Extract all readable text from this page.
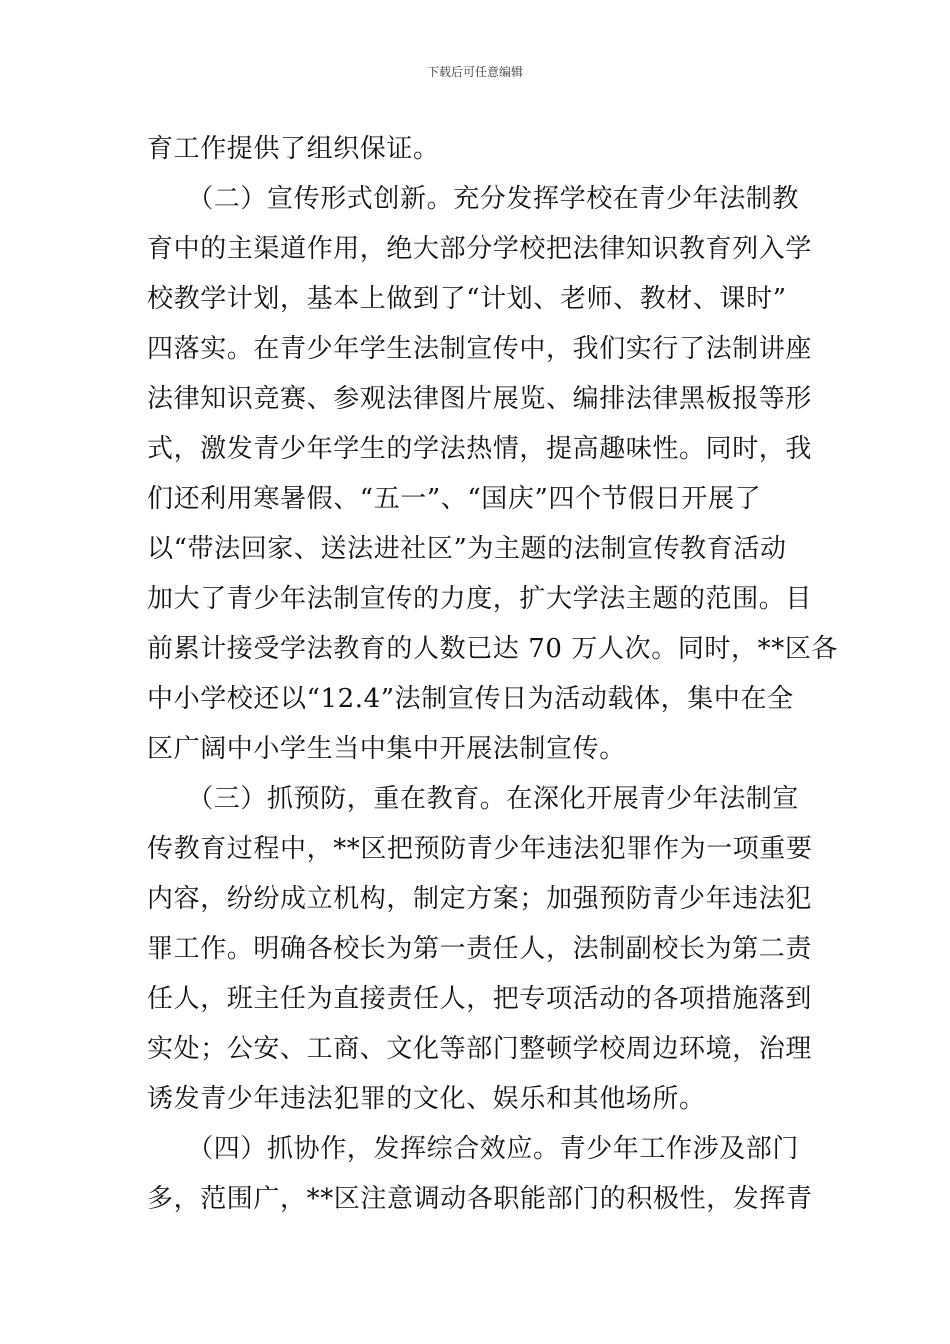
下载后可任意编辑
育工作提供了组织保证。
　　（二）宣传形式创新。充分发挥学校在青少年法制教
育中的主渠道作用，绝大部分学校把法律知识教育列入学
校教学计划，基本上做到了“计划、老师、教材、课时”
四落实。在青少年学生法制宣传中，我们实行了法制讲座
法律知识竞赛、参观法律图片展览、编排法律黑板报等形
式，激发青少年学生的学法热情，提高趣味性。同时，我
们还利用寒暑假、“五一”、“国庆”四个节假日开展了
以“带法回家、送法进社区”为主题的法制宣传教育活动
加大了青少年法制宣传的力度，扩大学法主题的范围。目
前累计接受学法教育的人数已达 70 万人次。同时，**区各
中小学校还以“12.4”法制宣传日为活动载体，集中在全
区广阔中小学生当中集中开展法制宣传。
　　（三）抓预防，重在教育。在深化开展青少年法制宣
传教育过程中，**区把预防青少年违法犯罪作为一项重要
内容，纷纷成立机构，制定方案；加强预防青少年违法犯
罪工作。明确各校长为第一责任人，法制副校长为第二责
任人，班主任为直接责任人，把专项活动的各项措施落到
实处；公安、工商、文化等部门整顿学校周边环境，治理
诱发青少年违法犯罪的文化、娱乐和其他场所。
　　（四）抓协作，发挥综合效应。青少年工作涉及部门
多，范围广，**区注意调动各职能部门的积极性，发挥青
